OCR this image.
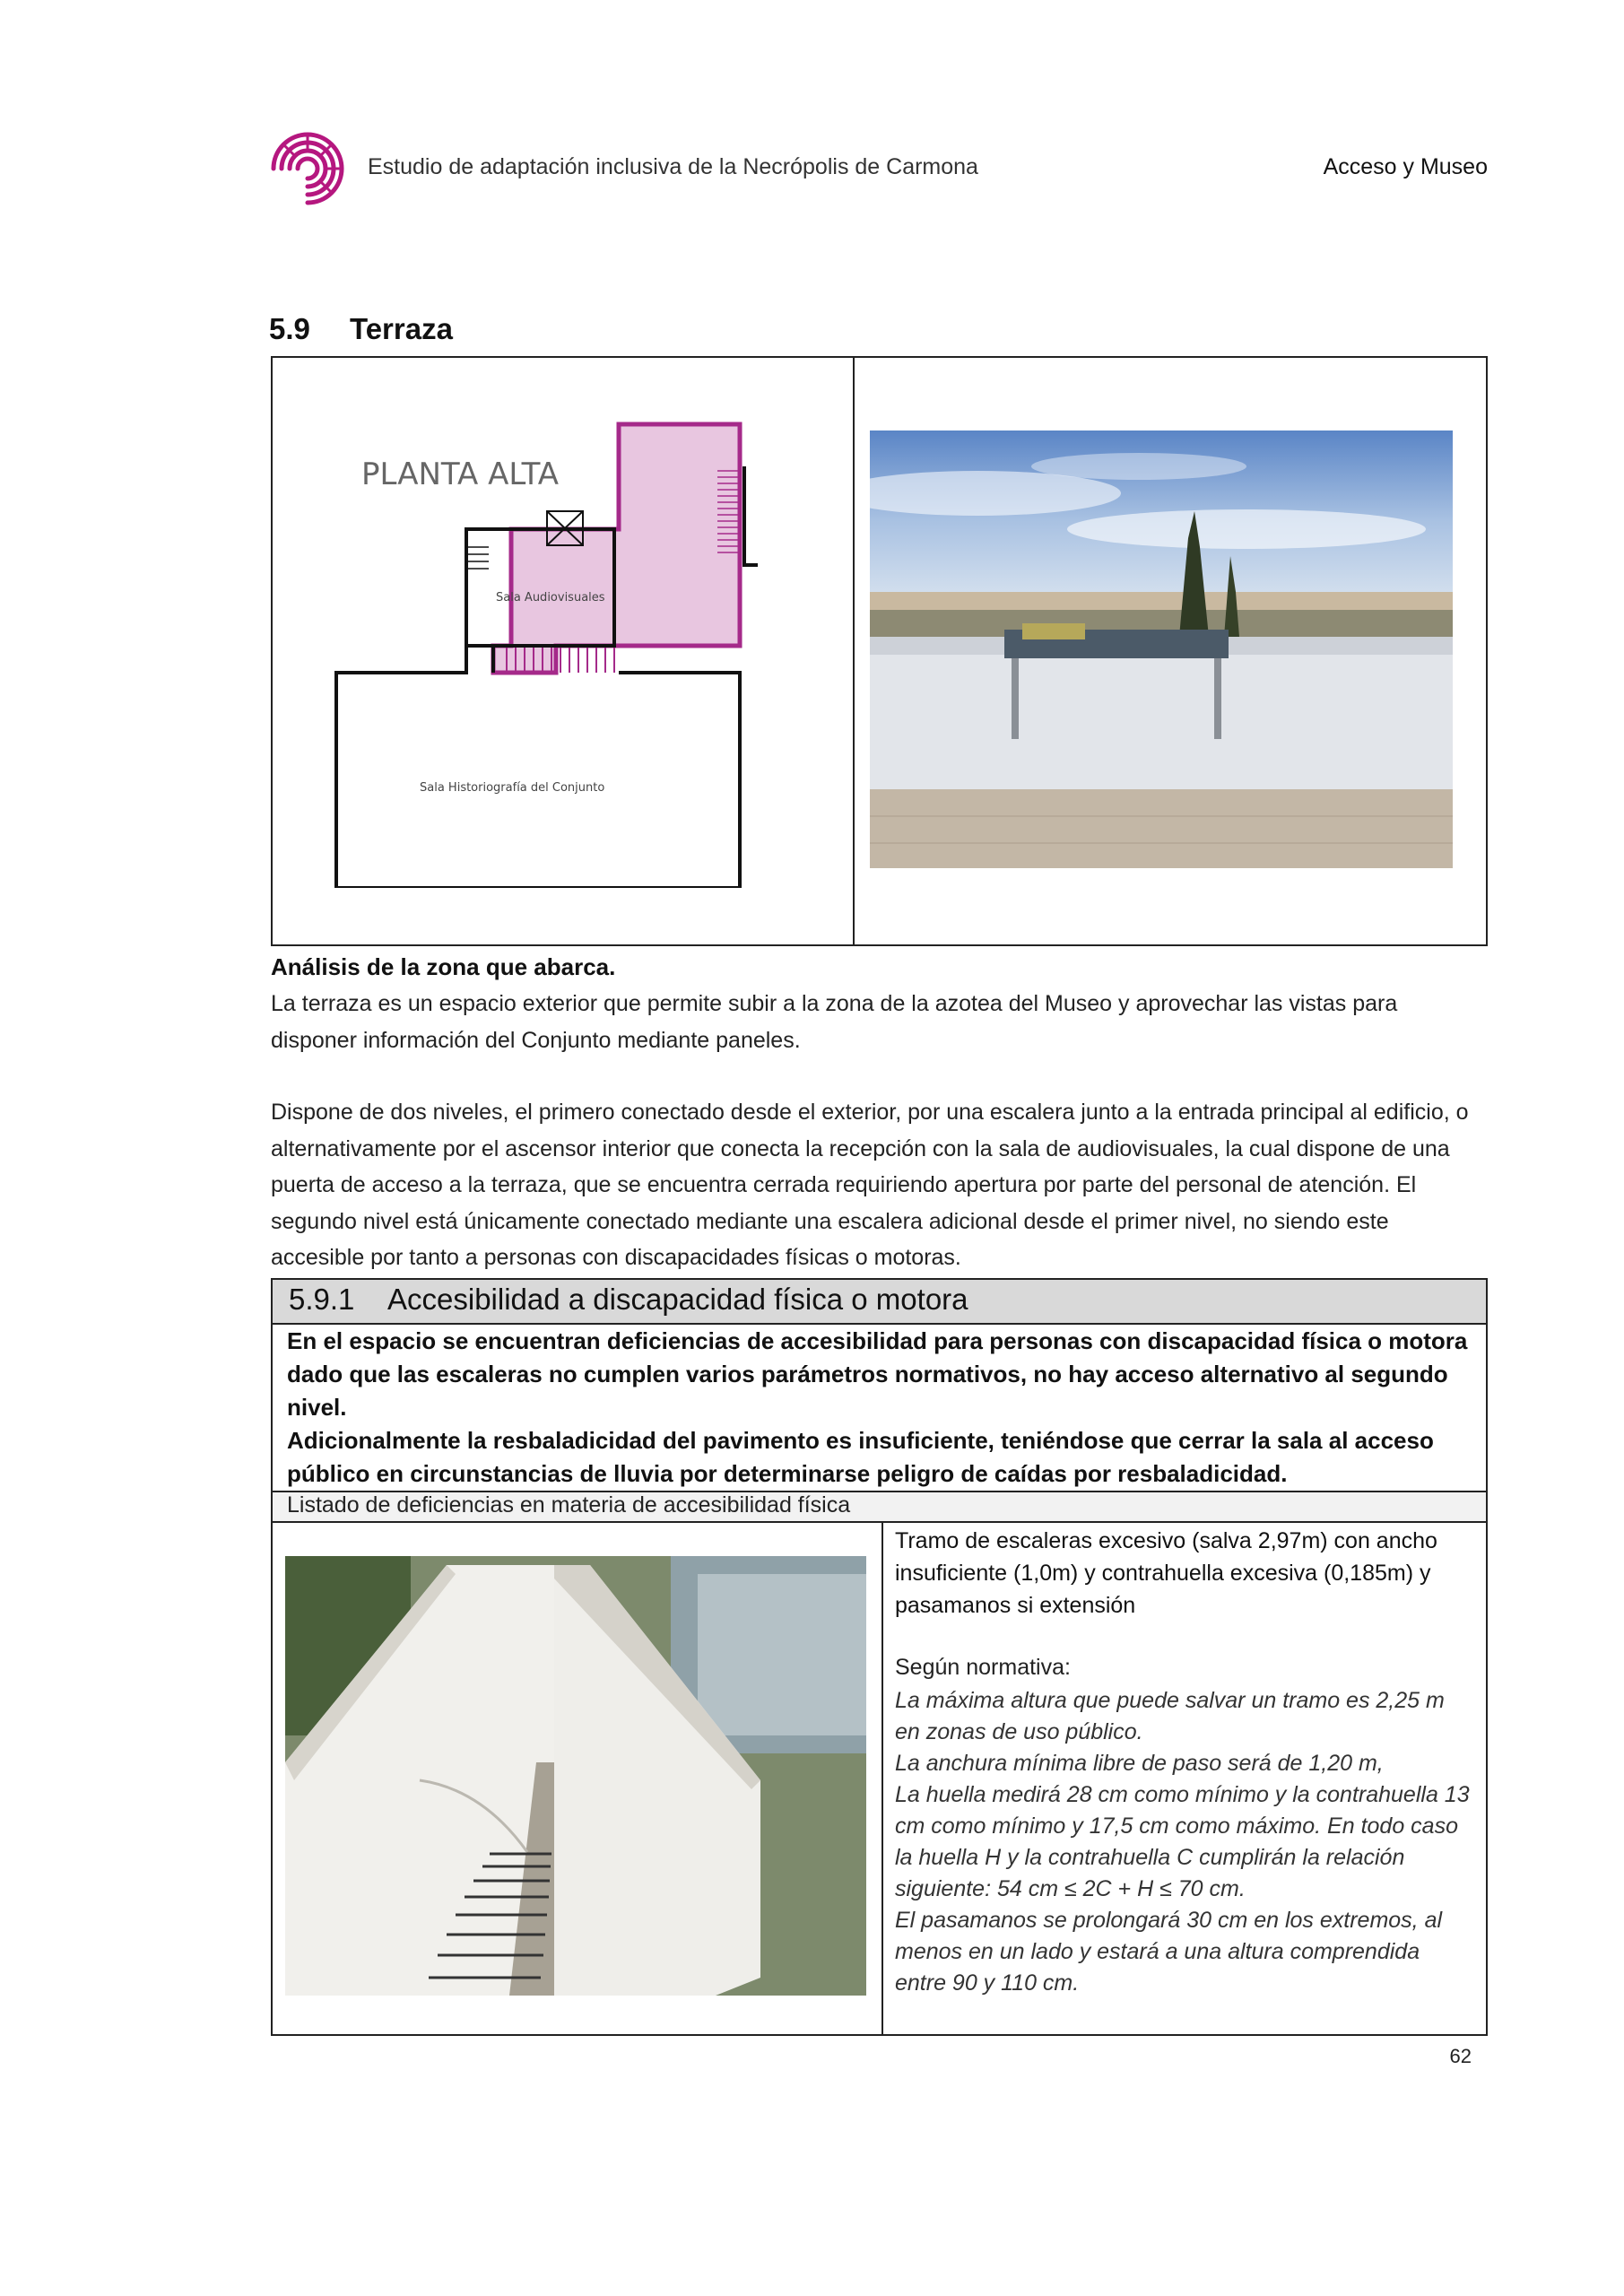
Estudio de adaptación inclusiva de la Necrópolis de Carmona	Acceso y Museo
5.9 Terraza
PLANTA ALTA
Sala Audiovisuales
Sala Historiografía del Conjunto
Análisis de la zona que abarca.
La terraza es un espacio exterior que permite subir a la zona de la azotea del Museo y aprovechar las vistas para disponer información del Conjunto mediante paneles.
Dispone de dos niveles, el primero conectado desde el exterior, por una escalera junto a la entrada principal al edificio, o alternativamente por el ascensor interior que conecta la recepción con la sala de audiovisuales, la cual dispone de una puerta de acceso a la terraza, que se encuentra cerrada requiriendo apertura por parte del personal de atención. El segundo nivel está únicamente conectado mediante una escalera adicional desde el primer nivel, no siendo este accesible por tanto a personas con discapacidades físicas o motoras.
5.9.1 Accesibilidad a discapacidad física o motora
En el espacio se encuentran deficiencias de accesibilidad para personas con discapacidad física o motora dado que las escaleras no cumplen varios parámetros normativos, no hay acceso alternativo al segundo nivel.
Adicionalmente la resbaladicidad del pavimento es insuficiente, teniéndose que cerrar la sala al acceso público en circunstancias de lluvia por determinarse peligro de caídas por resbaladicidad.
Listado de deficiencias en materia de accesibilidad física
Tramo de escaleras excesivo (salva 2,97m) con ancho insuficiente (1,0m) y contrahuella excesiva (0,185m) y pasamanos si extensión
Según normativa:
La máxima altura que puede salvar un tramo es 2,25 m en zonas de uso público.
La anchura mínima libre de paso será de 1,20 m,
La huella medirá 28 cm como mínimo y la contrahuella 13 cm como mínimo y 17,5 cm como máximo. En todo caso la huella H y la contrahuella C cumplirán la relación siguiente: 54 cm ≤ 2C + H ≤ 70 cm.
El pasamanos se prolongará 30 cm en los extremos, al menos en un lado y estará a una altura comprendida entre 90 y 110 cm.
62
